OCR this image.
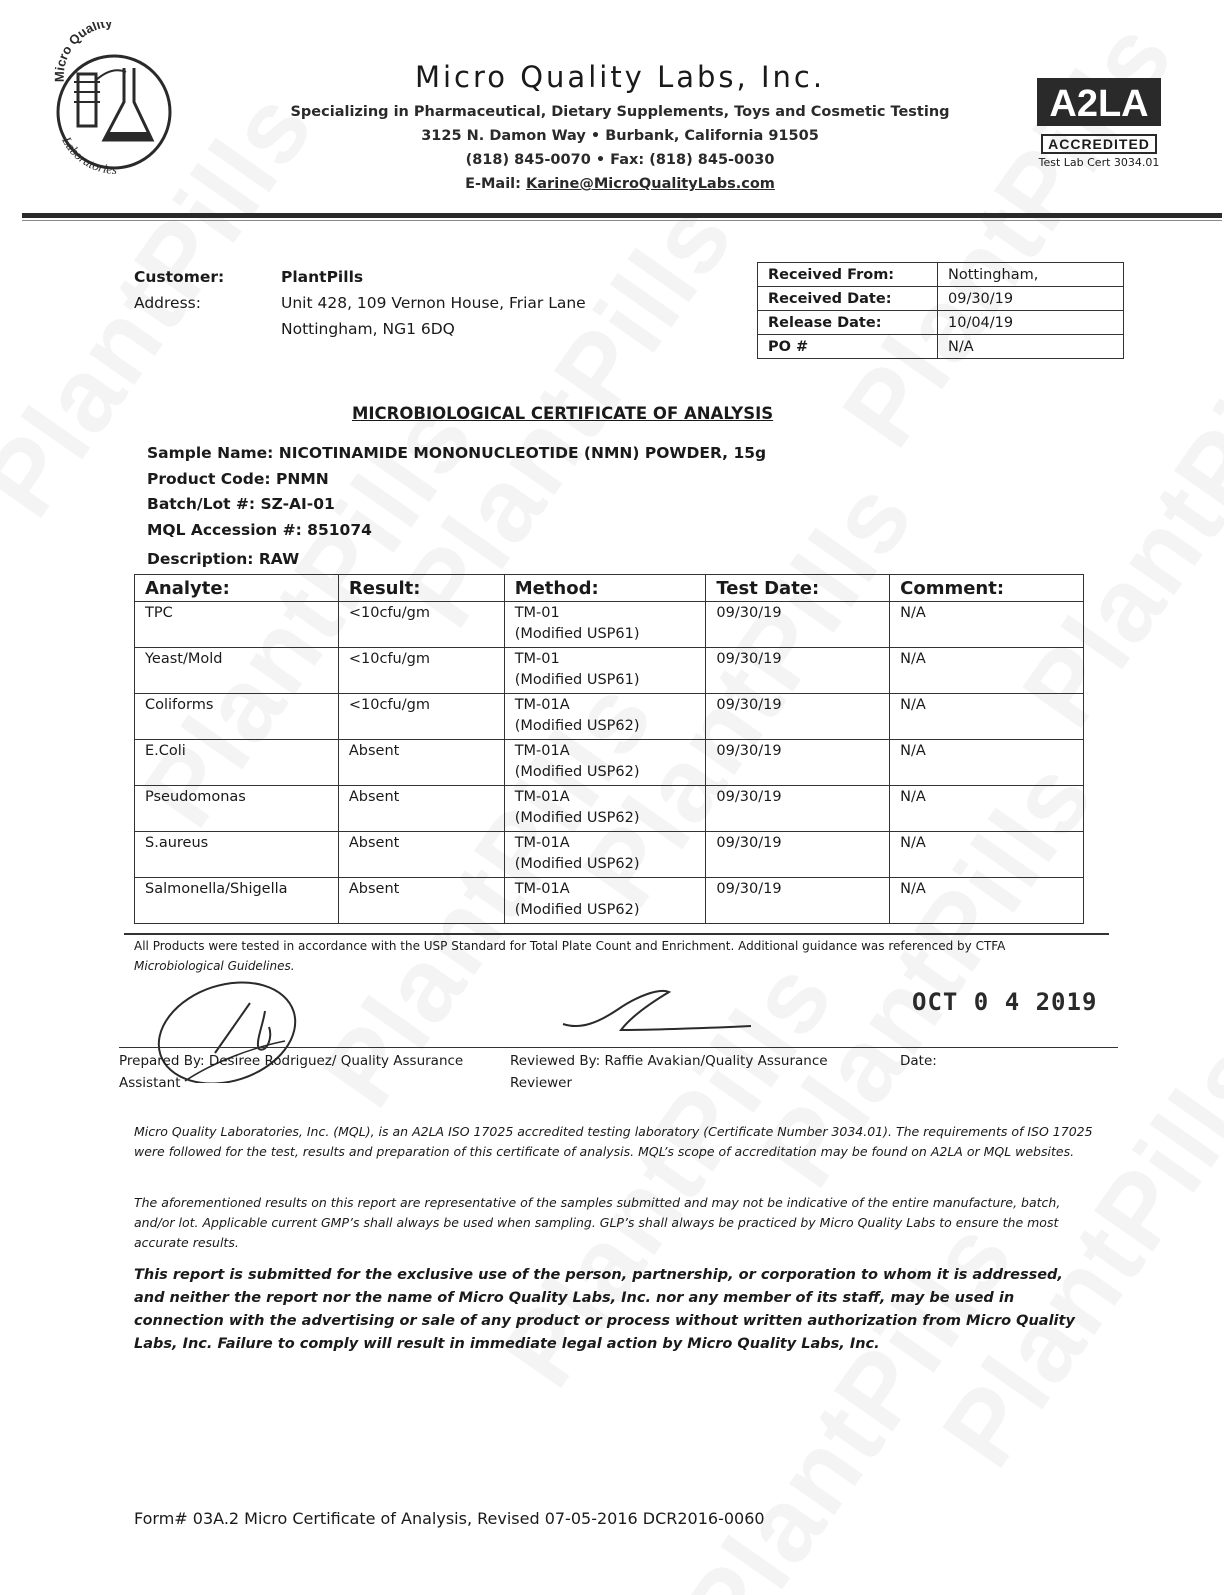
Micro Quality
Laboratories
Micro Quality Labs, Inc.
Specializing in Pharmaceutical, Dietary Supplements, Toys and Cosmetic Testing
3125 N. Damon Way • Burbank, California 91505
(818) 845-0070 • Fax: (818) 845-0030
E-Mail: Karine@MicroQualityLabs.com
A2LA
ACCREDITED
Test Lab Cert 3034.01
Customer:	PlantPills
Address:	Unit 428, 109 Vernon House, Friar Lane
Nottingham, NG1 6DQ
Received From:	Nottingham,
Received Date:	09/30/19
Release Date:	10/04/19
PO #	N/A
MICROBIOLOGICAL CERTIFICATE OF ANALYSIS
Sample Name: NICOTINAMIDE MONONUCLEOTIDE (NMN) POWDER, 15g
Product Code: PNMN
Batch/Lot #: SZ-AI-01
MQL Accession #: 851074
Description: RAW
Analyte:	Result:	Method:	Test Date:	Comment:

TPC	<10cfu/gm	TM-01
(Modified USP61)	09/30/19	N/A

Yeast/Mold	<10cfu/gm	TM-01
(Modified USP61)	09/30/19	N/A

Coliforms	<10cfu/gm	TM-01A
(Modified USP62)	09/30/19	N/A

E.Coli	Absent	TM-01A
(Modified USP62)	09/30/19	N/A

Pseudomonas	Absent	TM-01A
(Modified USP62)	09/30/19	N/A

S.aureus	Absent	TM-01A
(Modified USP62)	09/30/19	N/A

Salmonella/Shigella	Absent	TM-01A
(Modified USP62)	09/30/19	N/A
All Products were tested in accordance with the USP Standard for Total Plate Count and Enrichment. Additional guidance was referenced by CTFA Microbiological Guidelines.
OCT 0 4 2019
Prepared By: Desiree Rodriguez/ Quality Assurance Assistant
Reviewed By: Raffie Avakian/Quality Assurance Reviewer
Date:
Micro Quality Laboratories, Inc. (MQL), is an A2LA ISO 17025 accredited testing laboratory (Certificate Number 3034.01). The requirements of ISO 17025 were followed for the test, results and preparation of this certificate of analysis. MQL’s scope of accreditation may be found on A2LA or MQL websites.
The aforementioned results on this report are representative of the samples submitted and may not be indicative of the entire manufacture, batch, and/or lot. Applicable current GMP’s shall always be used when sampling. GLP’s shall always be practiced by Micro Quality Labs to ensure the most accurate results.
This report is submitted for the exclusive use of the person, partnership, or corporation to whom it is addressed, and neither the report nor the name of Micro Quality Labs, Inc. nor any member of its staff, may be used in connection with the advertising or sale of any product or process without written authorization from Micro Quality Labs, Inc. Failure to comply will result in immediate legal action by Micro Quality Labs, Inc.
Form# 03A.2 Micro Certificate of Analysis, Revised 07-05-2016 DCR2016-0060
